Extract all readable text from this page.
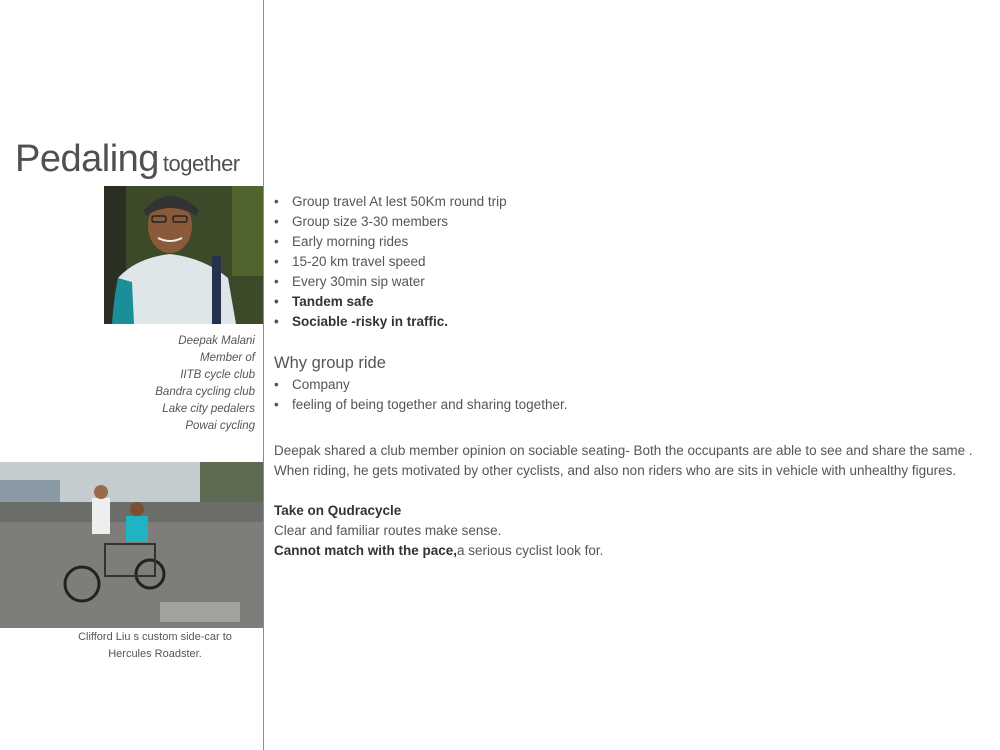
Pedaling together
Deepak Malani
Member of
IITB cycle club
Bandra cycling club
Lake city pedalers
Powai cycling
Clifford Liu s custom side-car to
Hercules Roadster.
• Group travel At lest 50Km round trip
• Group size 3-30 members
• Early morning rides
• 15-20 km travel speed
• Every 30min sip water
• Tandem safe
• Sociable -risky in traffic.
Why group ride
• Company
• feeling of being together and sharing together.

Deepak shared a club member opinion on sociable seating- Both the occupants are able to see and share the same .

When riding, he gets motivated by other cyclists, and also non riders who are sits in vehicle with unhealthy figures.

Take on Qudracycle

Clear and familiar routes make sense.

Cannot match with the pace,a serious cyclist look for.
